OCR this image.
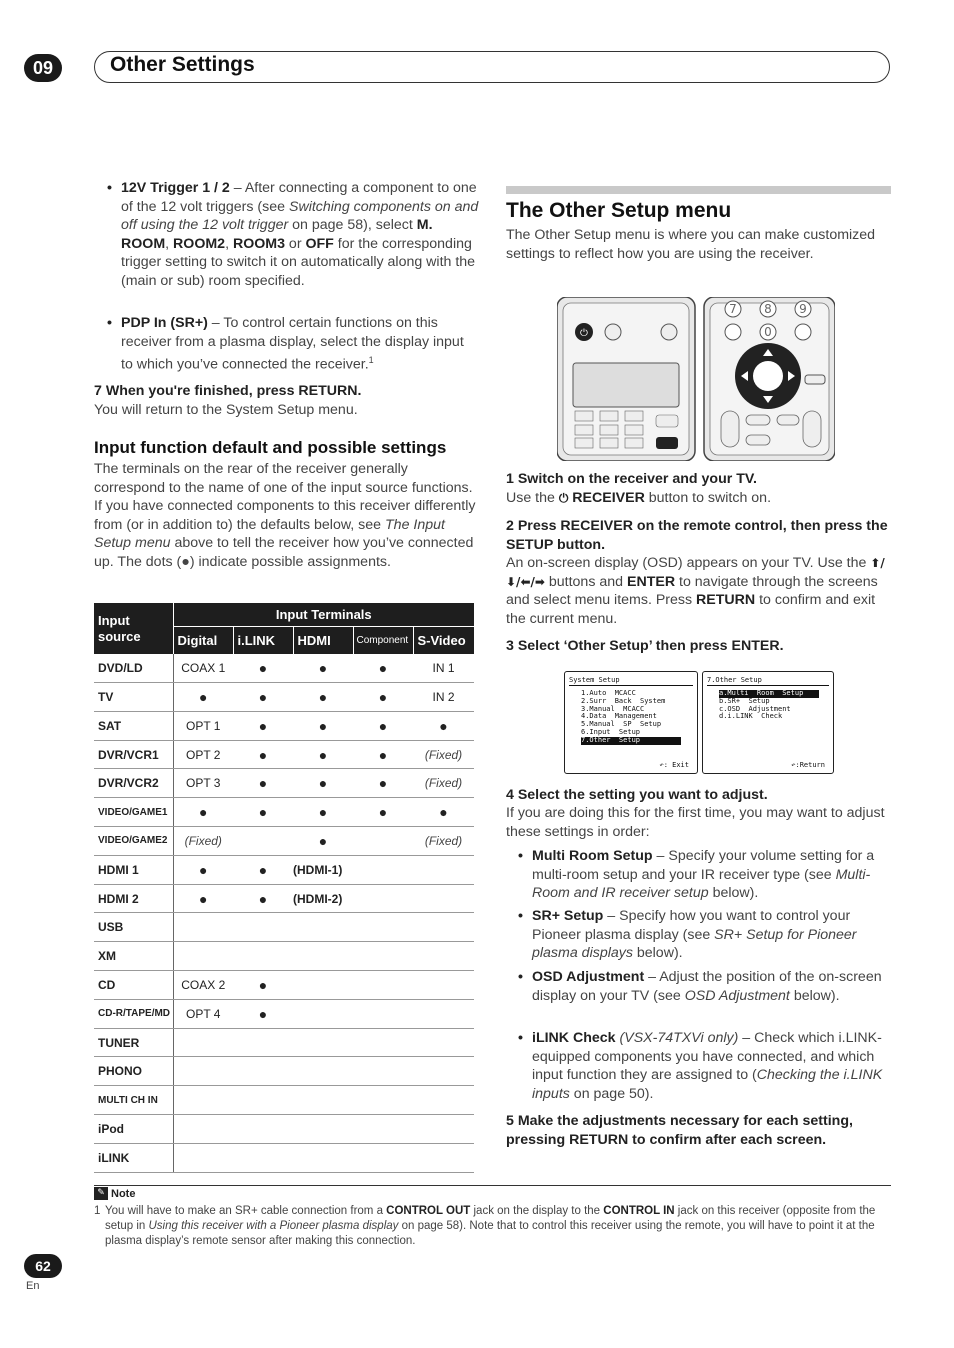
09	Other Settings
• 12V Trigger 1 / 2 – After connecting a component to one of the 12 volt triggers (see Switching components on and off using the 12 volt trigger on page 58), select M. ROOM, ROOM2, ROOM3 or OFF for the corresponding trigger setting to switch it on automatically along with the (main or sub) room specified.
• PDP In (SR+) – To control certain functions on this receiver from a plasma display, select the display input to which you’ve connected the receiver.$^1$
7 When you're finished, press RETURN.
You will return to the System Setup menu.
Input function default and possible settings
The terminals on the rear of the receiver generally correspond to the name of one of the input source functions. If you have connected components to this receiver differently from (or in addition to) the defaults below, see The Input Setup menu above to tell the receiver how you’ve connected up. The dots (●) indicate possible assignments.
Input source	Input Terminals				
	Digital	i.LINK	HDMI	Component	S-Video
DVD/LD	COAX 1	●	●	●	IN 1
TV	●	●	●	●	IN 2
SAT	OPT 1	●	●	●	●
DVR/VCR1	OPT 2	●	●	●	(Fixed)
DVR/VCR2	OPT 3	●	●	●	(Fixed)
VIDEO/GAME1	●	●	●	●	●
VIDEO/GAME2	(Fixed)		●		(Fixed)
HDMI 1	●	●	(HDMI-1)		
HDMI 2	●	●	(HDMI-2)		
USB					
XM					
CD	COAX 2	●			
CD-R/TAPE/MD	OPT 4	●			
TUNER					
PHONO					
MULTI CH IN					
iPod					
iLINK					
The Other Setup menu
The Other Setup menu is where you can make customized settings to reflect how you are using the receiver.
⏻
7 8 9
0
1 Switch on the receiver and your TV.
Use the ⏻ RECEIVER button to switch on.
2 Press RECEIVER on the remote control, then press the SETUP button.
An on-screen display (OSD) appears on your TV. Use the ⬆/⬇/⬅/➡ buttons and ENTER to navigate through the screens and select menu items. Press RETURN to confirm and exit the current menu.
3 Select ‘Other Setup’ then press ENTER.
System Setup
1.Auto  MCACC
2.Surr  Back  System
3.Manual  MCACC
4.Data  Management
5.Manual  SP  Setup
6.Input  Setup
7.Other  Setup
↶: Exit
7.Other Setup
a.Multi  Room  Setup
b.SR+  Setup
c.OSD  Adjustment
d.i.LINK  Check
↶:Return
4 Select the setting you want to adjust.
If you are doing this for the first time, you may want to adjust these settings in order:
• Multi Room Setup – Specify your volume setting for a multi-room setup and your IR receiver type (see Multi-Room and IR receiver setup below).
• SR+ Setup – Specify how you want to control your Pioneer plasma display (see SR+ Setup for Pioneer plasma displays below).
• OSD Adjustment – Adjust the position of the on-screen display on your TV (see OSD Adjustment below).
• iLINK Check (VSX-74TXVi only) – Check which i.LINK-equipped components you have connected, and which input function they are assigned to (Checking the i.LINK inputs on page 50).
5 Make the adjustments necessary for each setting, pressing RETURN to confirm after each screen.
✎ Note
1 You will have to make an SR+ cable connection from a CONTROL OUT jack on the display to the CONTROL IN jack on this receiver (opposite from the setup in Using this receiver with a Pioneer plasma display on page 58). Note that to control this receiver using the remote, you will have to point it at the plasma display’s remote sensor after making this connection.
62
En
